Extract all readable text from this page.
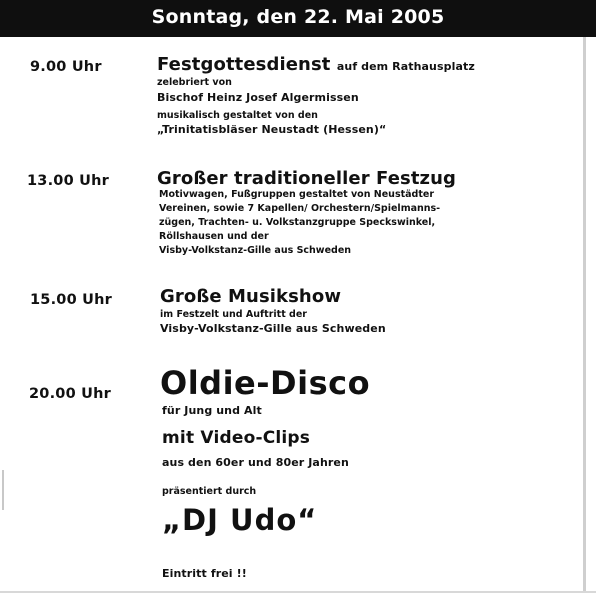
Sonntag, den 22. Mai 2005
9.00 Uhr	Festgottesdienst auf dem Rathausplatz
zelebriert von
Bischof Heinz Josef Algermissen
musikalisch gestaltet von den
„Trinitatisbläser Neustadt (Hessen)“
13.00 Uhr	Großer traditioneller Festzug
Motivwagen, Fußgruppen gestaltet von Neustädter
Vereinen, sowie 7 Kapellen/ Orchestern/Spielmanns-
zügen, Trachten- u. Volkstanzgruppe Speckswinkel,
Röllshausen und der
Visby-Volkstanz-Gille aus Schweden
15.00 Uhr	Große Musikshow
im Festzelt und Auftritt der
Visby-Volkstanz-Gille aus Schweden
20.00 Uhr Oldie-Disco
für Jung und Alt
mit Video-Clips
aus den 60er und 80er Jahren
präsentiert durch
„DJ Udo“
Eintritt frei !!
